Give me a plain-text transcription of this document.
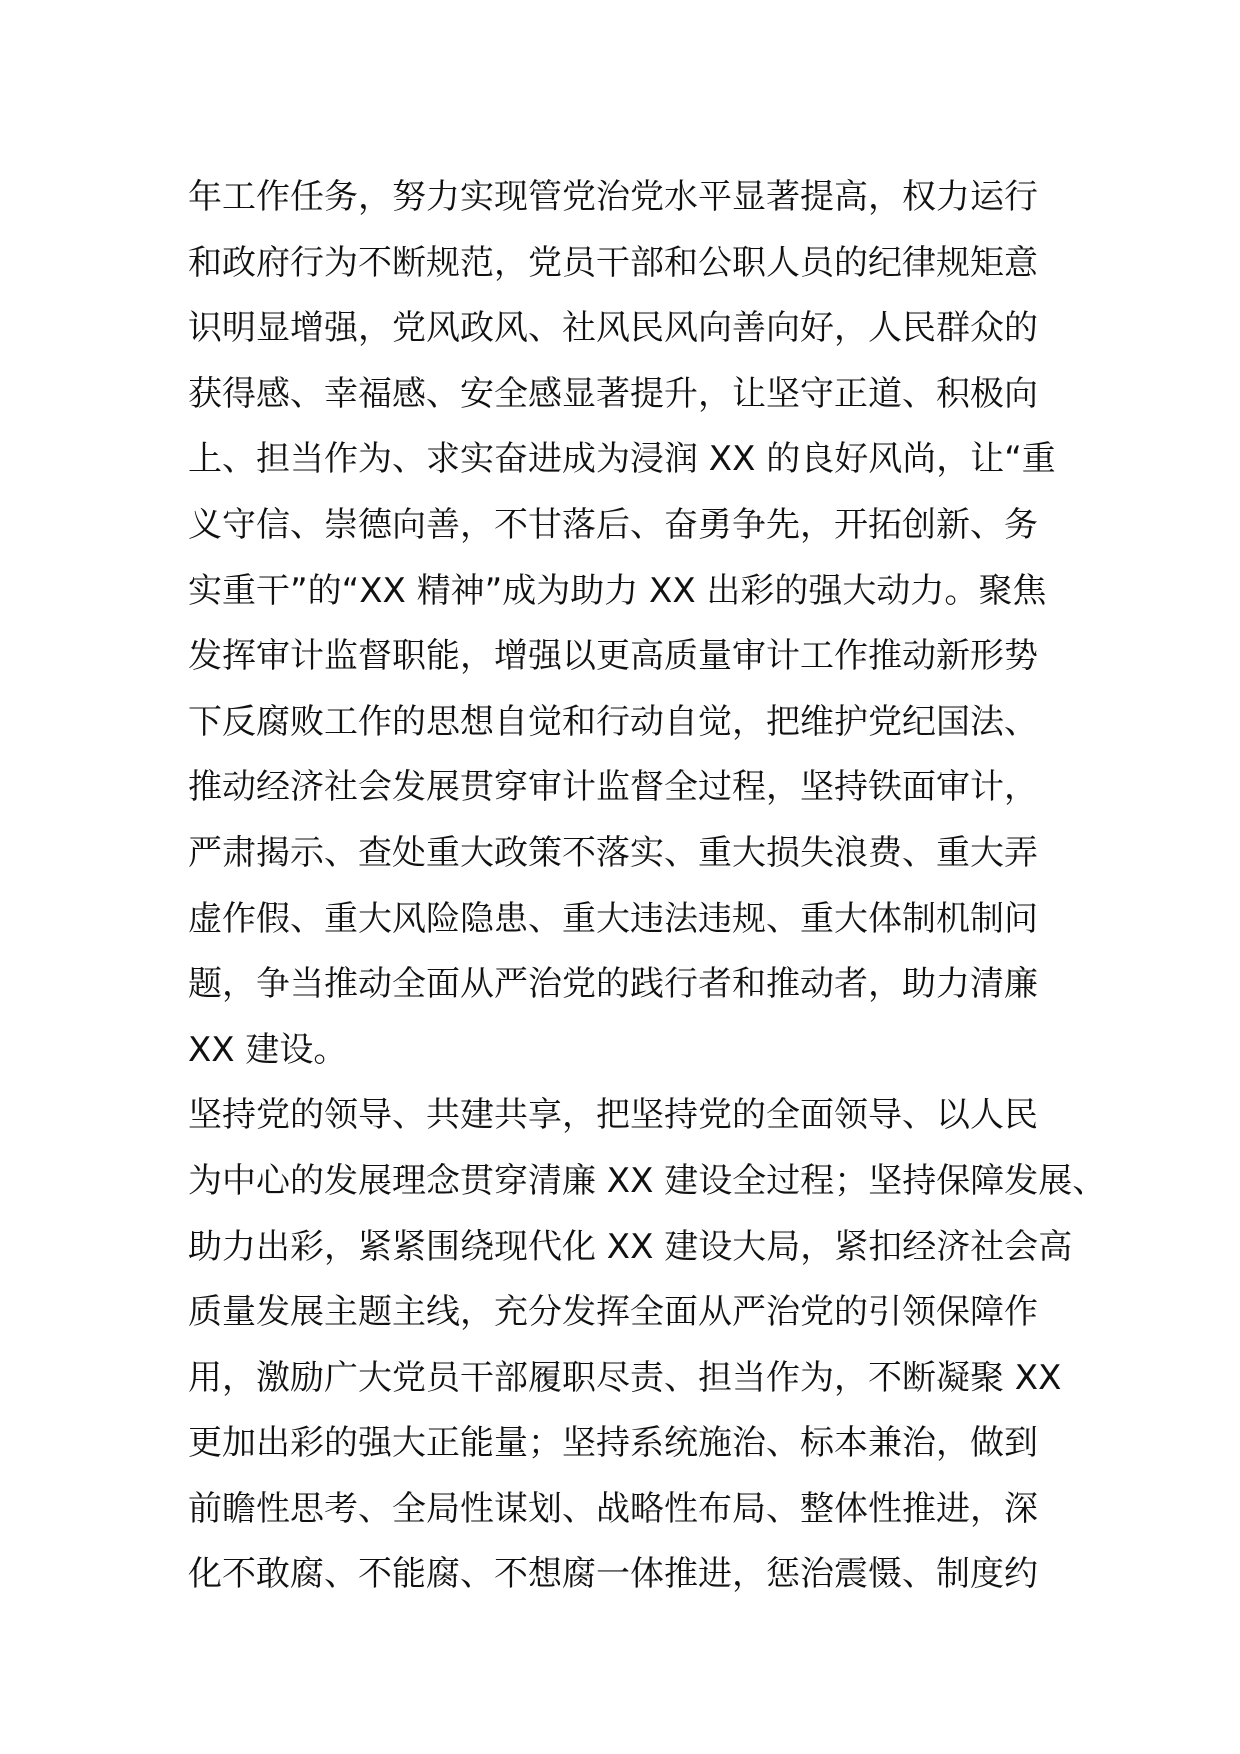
年工作任务，努力实现管党治党水平显著提高，权力运行
和政府行为不断规范，党员干部和公职人员的纪律规矩意
识明显增强，党风政风、社风民风向善向好，人民群众的
获得感、幸福感、安全感显著提升，让坚守正道、积极向
上、担当作为、求实奋进成为浸润 XX 的良好风尚，让“重
义守信、崇德向善，不甘落后、奋勇争先，开拓创新、务
实重干”的“XX 精神”成为助力 XX 出彩的强大动力。聚焦
发挥审计监督职能，增强以更高质量审计工作推动新形势
下反腐败工作的思想自觉和行动自觉，把维护党纪国法、
推动经济社会发展贯穿审计监督全过程，坚持铁面审计，
严肃揭示、查处重大政策不落实、重大损失浪费、重大弄
虚作假、重大风险隐患、重大违法违规、重大体制机制问
题，争当推动全面从严治党的践行者和推动者，助力清廉
XX 建设。
坚持党的领导、共建共享，把坚持党的全面领导、以人民
为中心的发展理念贯穿清廉 XX 建设全过程；坚持保障发展、
助力出彩，紧紧围绕现代化 XX 建设大局，紧扣经济社会高
质量发展主题主线，充分发挥全面从严治党的引领保障作
用，激励广大党员干部履职尽责、担当作为，不断凝聚 XX
更加出彩的强大正能量；坚持系统施治、标本兼治，做到
前瞻性思考、全局性谋划、战略性布局、整体性推进，深
化不敢腐、不能腐、不想腐一体推进，惩治震慑、制度约
